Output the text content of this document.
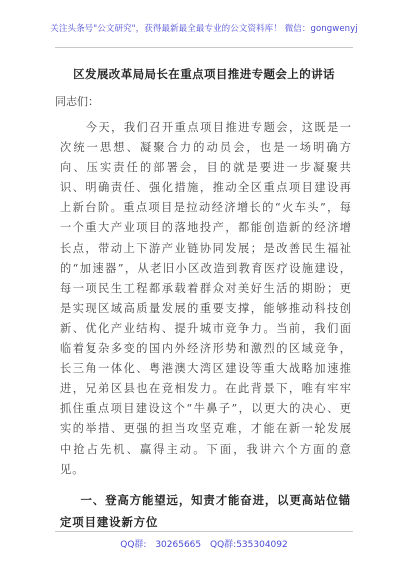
关注头条号"公文研究"，获得最新最全最专业的公文资料库！ 微信：gongwenyj
区发展改革局局长在重点项目推进专题会上的讲话
同志们：

今天，我们召开重点项目推进专题会，这既是一次统一思想、凝聚合力的动员会，也是一场明确方向、压实责任的部署会，目的就是要进一步凝聚共识、明确责任、强化措施，推动全区重点项目建设再上新台阶。重点项目是拉动经济增长的“火车头”，每一个重大产业项目的落地投产，都能创造新的经济增长点，带动上下游产业链协同发展；是改善民生福祉的“加速器”，从老旧小区改造到教育医疗设施建设，每一项民生工程都承载着群众对美好生活的期盼；更是实现区域高质量发展的重要支撑，能够推动科技创新、优化产业结构、提升城市竞争力。当前，我们面临着复杂多变的国内外经济形势和激烈的区域竞争，长三角一体化、粤港澳大湾区建设等重大战略加速推进，兄弟区县也在竞相发力。在此背景下，唯有牢牢抓住重点项目建设这个“牛鼻子”，以更大的决心、更实的举措、更强的担当攻坚克难，才能在新一轮发展中抢占先机、赢得主动。下面，我讲六个方面的意见。

一、登高方能望远，知责才能奋进，以更高站位锚定项目建设新方位
QQ群: 30265665 QQ群:535304092
